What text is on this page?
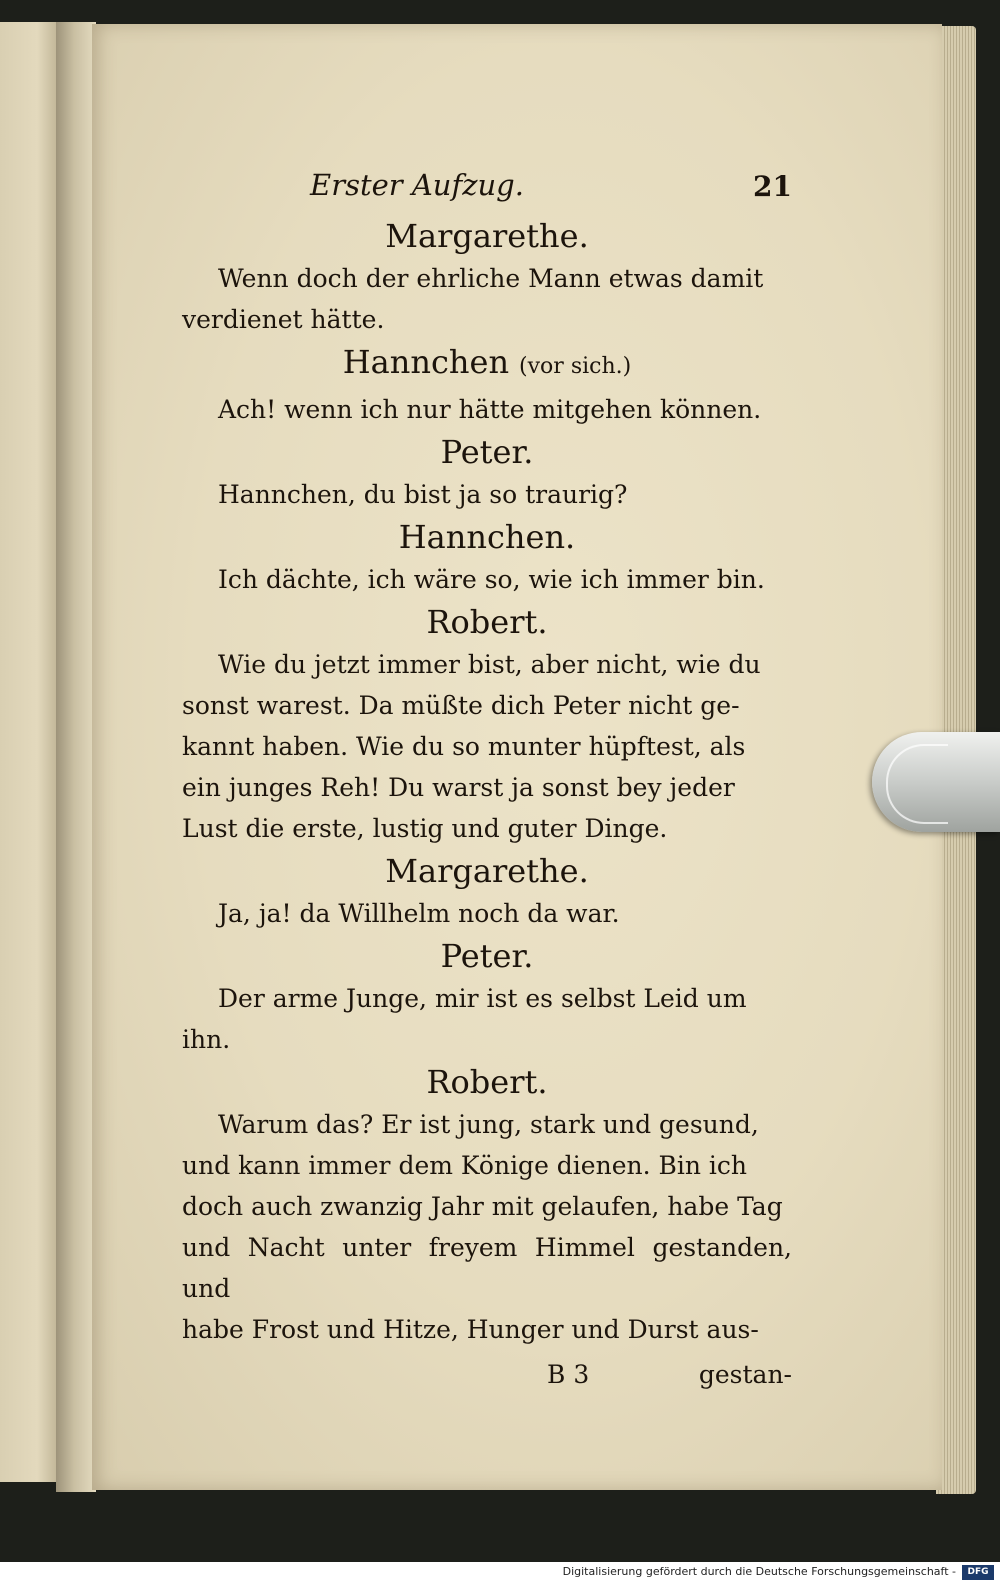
Erster Aufzug.	21
Margarethe.
Wenn doch der ehrliche Mann etwas damit
verdienet hätte.
Hannchen (vor sich.)
Ach! wenn ich nur hätte mitgehen können.
Peter.
Hannchen, du bist ja so traurig?
Hannchen.
Ich dächte, ich wäre so, wie ich immer bin.
Robert.
Wie du jetzt immer bist, aber nicht, wie du
sonst warest. Da müßte dich Peter nicht ge-
kannt haben. Wie du so munter hüpftest, als
ein junges Reh! Du warst ja sonst bey jeder
Lust die erste, lustig und guter Dinge.
Margarethe.
Ja, ja! da Willhelm noch da war.
Peter.
Der arme Junge, mir ist es selbst Leid um
ihn.
Robert.
Warum das? Er ist jung, stark und gesund,
und kann immer dem Könige dienen. Bin ich
doch auch zwanzig Jahr mit gelaufen, habe Tag
und Nacht unter freyem Himmel gestanden, und
habe Frost und Hitze, Hunger und Durst aus-
B 3	gestan-
Digitalisierung gefördert durch die Deutsche Forschungsgemeinschaft -	DFG
